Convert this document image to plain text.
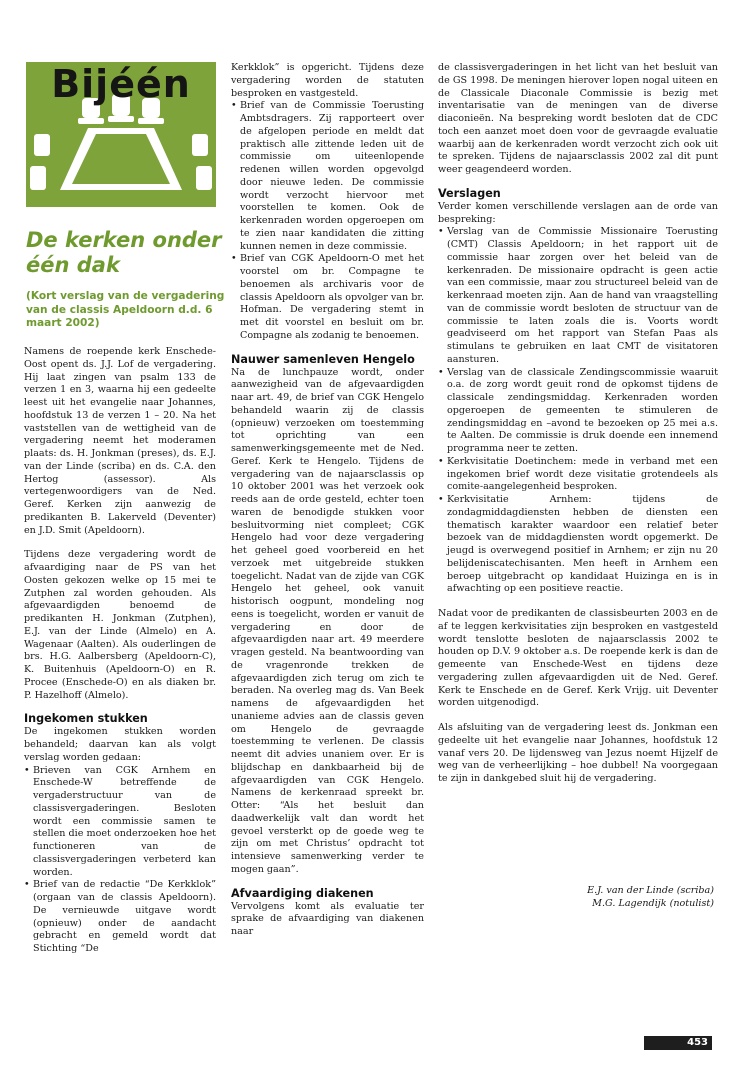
Bijéén
De kerken onder één dak
(Kort verslag van de vergadering van de classis Apeldoorn d.d. 6 maart 2002)

Namens de roepende kerk Enschede-Oost opent ds. J.J. Lof de vergadering. Hij laat zingen van psalm 133 de verzen 1 en 3, waarna hij een gedeelte leest uit het evangelie naar Johannes, hoofdstuk 13 de verzen 1 – 20. Na het vaststellen van de wettigheid van de vergadering neemt het moderamen plaats: ds. H. Jonkman (preses), ds. E.J. van der Linde (scriba) en ds. C.A. den Hertog (assessor). Als vertegenwoordigers van de Ned. Geref. Kerken zijn aanwezig de predikanten B. Lakerveld (Deventer) en J.D. Smit (Apeldoorn).

Tijdens deze vergadering wordt de afvaardiging naar de PS van het Oosten gekozen welke op 15 mei te Zutphen zal worden gehouden. Als afgevaardigden benoemd de predikanten H. Jonkman (Zutphen), E.J. van der Linde (Almelo) en A. Wagenaar (Aalten). Als ouderlingen de brs. H.G. Aalbersberg (Apeldoorn-C), K. Buitenhuis (Apeldoorn-O) en R. Procee (Enschede-O) en als diaken br. P. Hazelhoff (Almelo).

Ingekomen stukken

De ingekomen stukken worden behandeld; daarvan kan als volgt verslag worden gedaan:

• Brieven van CGK Arnhem en Enschede-W betreffende de vergaderstructuur van de classisvergaderingen. Besloten wordt een commissie samen te stellen die moet onderzoeken hoe het functioneren van de classisvergaderingen verbeterd kan worden.
• Brief van de redactie “De Kerkklok” (orgaan van de classis Apeldoorn). De vernieuwde uitgave wordt (opnieuw) onder de aandacht gebracht en gemeld wordt dat Stichting “De

Kerkklok” is opgericht. Tijdens deze vergadering worden de statuten besproken en vastgesteld.

• Brief van de Commissie Toerusting Ambtsdragers. Zij rapporteert over de afgelopen periode en meldt dat praktisch alle zittende leden uit de commissie om uiteenlopende redenen willen worden opgevolgd door nieuwe leden. De commissie wordt verzocht hiervoor met voorstellen te komen. Ook de kerkenraden worden opgeroepen om te zien naar kandidaten die zitting kunnen nemen in deze commissie.
• Brief van CGK Apeldoorn-O met het voorstel om br. Compagne te benoemen als archivaris voor de classis Apeldoorn als opvolger van br. Hofman. De vergadering stemt in met dit voorstel en besluit om br. Compagne als zodanig te benoemen.
Nauwer samenleven Hengelo

Na de lunchpauze wordt, onder aanwezigheid van de afgevaardigden naar art. 49, de brief van CGK Hengelo behandeld waarin zij de classis (opnieuw) verzoeken om toestemming tot oprichting van een samenwerkingsgemeente met de Ned. Geref. Kerk te Hengelo. Tijdens de vergadering van de najaarsclassis op 10 oktober 2001 was het verzoek ook reeds aan de orde gesteld, echter toen waren de benodigde stukken voor besluitvorming niet compleet; CGK Hengelo had voor deze vergadering het geheel goed voorbereid en het verzoek met uitgebreide stukken toegelicht. Nadat van de zijde van CGK Hengelo het geheel, ook vanuit historisch oogpunt, mondeling nog eens is toegelicht, worden er vanuit de vergadering en door de afgevaardigden naar art. 49 meerdere vragen gesteld. Na beantwoording van de vragenronde trekken de afgevaardigden zich terug om zich te beraden. Na overleg mag ds. Van Beek namens de afgevaardigden het unanieme advies aan de classis geven om Hengelo de gevraagde toestemming te verlenen. De classis neemt dit advies unaniem over. Er is blijdschap en dankbaarheid bij de afgevaardigden van CGK Hengelo. Namens de kerkenraad spreekt br. Otter: “Als het besluit dan daadwerkelijk valt dan wordt het gevoel versterkt op de goede weg te zijn om met Christus’ opdracht tot intensieve samenwerking verder te mogen gaan”.

Afvaardiging diakenen

Vervolgens komt als evaluatie ter sprake de afvaardiging van diakenen naar

de classisvergaderingen in het licht van het besluit van de GS 1998. De meningen hierover lopen nogal uiteen en de Classicale Diaconale Commissie is bezig met inventarisatie van de meningen van de diverse diaconieën. Na bespreking wordt besloten dat de CDC toch een aanzet moet doen voor de gevraagde evaluatie waarbij aan de kerkenraden wordt verzocht zich ook uit te spreken. Tijdens de najaarsclassis 2002 zal dit punt weer geagendeerd worden.

Verslagen

Verder komen verschillende verslagen aan de orde van bespreking:

• Verslag van de Commissie Missionaire Toerusting (CMT) Classis Apeldoorn; in het rapport uit de commissie haar zorgen over het beleid van de kerkenraden. De missionaire opdracht is geen actie van een commissie, maar zou structureel beleid van de kerkenraad moeten zijn. Aan de hand van vraagstelling van de commissie wordt besloten de structuur van de commissie te laten zoals die is. Voorts wordt geadviseerd om het rapport van Stefan Paas als stimulans te gebruiken en laat CMT de visitatoren aansturen.
• Verslag van de classicale Zendingscommissie waaruit o.a. de zorg wordt geuit rond de opkomst tijdens de classicale zendingsmiddag. Kerkenraden worden opgeroepen de gemeenten te stimuleren de zendingsmiddag en –avond te bezoeken op 25 mei a.s. te Aalten. De commissie is druk doende een innemend programma neer te zetten.
• Kerkvisitatie Doetinchem: mede in verband met een ingekomen brief wordt deze visitatie grotendeels als comite-aangelegenheid besproken.
• Kerkvisitatie Arnhem: tijdens de zondagmiddagdiensten hebben de diensten een thematisch karakter waardoor een relatief beter bezoek van de middagdiensten wordt opgemerkt. De jeugd is overwegend positief in Arnhem; er zijn nu 20 belijdeniscatechisanten. Men heeft in Arnhem een beroep uitgebracht op kandidaat Huizinga en is in afwachting op een positieve reactie.

Nadat voor de predikanten de classisbeurten 2003 en de af te leggen kerkvisitaties zijn besproken en vastgesteld wordt tenslotte besloten de najaarsclassis 2002 te houden op D.V. 9 oktober a.s. De roepende kerk is dan de gemeente van Enschede-West en tijdens deze vergadering zullen afgevaardigden uit de Ned. Geref. Kerk te Enschede en de Geref. Kerk Vrijg. uit Deventer worden uitgenodigd.

Als afsluiting van de vergadering leest ds. Jonkman een gedeelte uit het evangelie naar Johannes, hoofdstuk 12 vanaf vers 20. De lijdensweg van Jezus noemt Hijzelf de weg van de verheerlijking – hoe dubbel! Na voorgegaan te zijn in dankgebed sluit hij de vergadering.

E.J. van der Linde (scriba)
M.G. Lagendijk (notulist)
453
